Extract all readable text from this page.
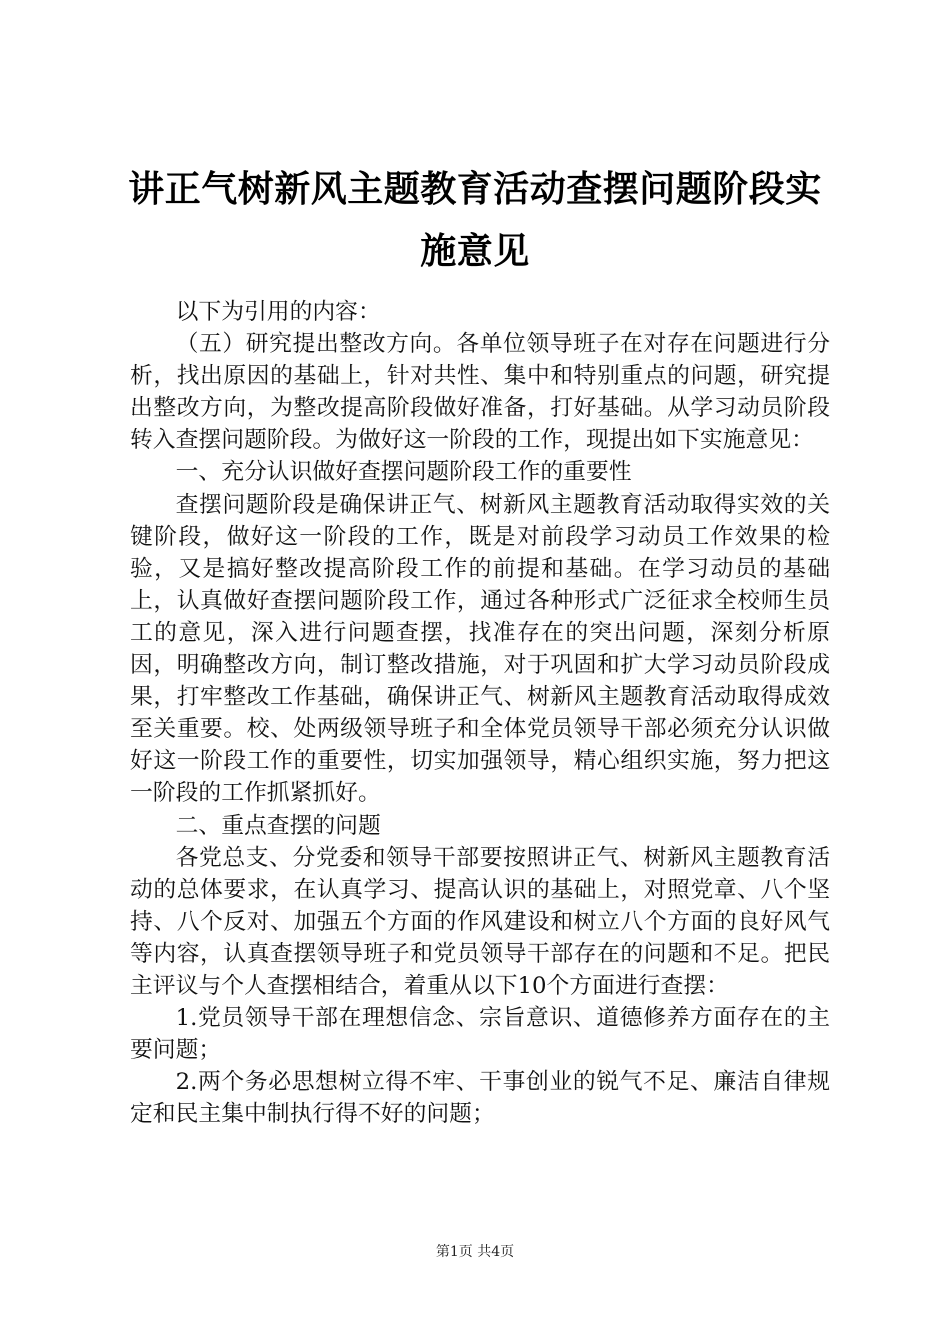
讲正气树新风主题教育活动查摆问题阶段实施意见

以下为引用的内容：

（五）研究提出整改方向。各单位领导班子在对存在问题进行分析，找出原因的基础上，针对共性、集中和特别重点的问题，研究提出整改方向，为整改提高阶段做好准备，打好基础。从学习动员阶段转入查摆问题阶段。为做好这一阶段的工作，现提出如下实施意见：

一、充分认识做好查摆问题阶段工作的重要性

查摆问题阶段是确保讲正气、树新风主题教育活动取得实效的关键阶段，做好这一阶段的工作，既是对前段学习动员工作效果的检验，又是搞好整改提高阶段工作的前提和基础。在学习动员的基础上，认真做好查摆问题阶段工作，通过各种形式广泛征求全校师生员工的意见，深入进行问题查摆，找准存在的突出问题，深刻分析原因，明确整改方向，制订整改措施，对于巩固和扩大学习动员阶段成果，打牢整改工作基础，确保讲正气、树新风主题教育活动取得成效至关重要。校、处两级领导班子和全体党员领导干部必须充分认识做好这一阶段工作的重要性，切实加强领导，精心组织实施，努力把这一阶段的工作抓紧抓好。

二、重点查摆的问题

各党总支、分党委和领导干部要按照讲正气、树新风主题教育活动的总体要求，在认真学习、提高认识的基础上，对照党章、八个坚持、八个反对、加强五个方面的作风建设和树立八个方面的良好风气等内容，认真查摆领导班子和党员领导干部存在的问题和不足。把民主评议与个人查摆相结合，着重从以下10个方面进行查摆：

1.党员领导干部在理想信念、宗旨意识、道德修养方面存在的主要问题；

2.两个务必思想树立得不牢、干事创业的锐气不足、廉洁自律规定和民主集中制执行得不好的问题；

第1页 共4页
